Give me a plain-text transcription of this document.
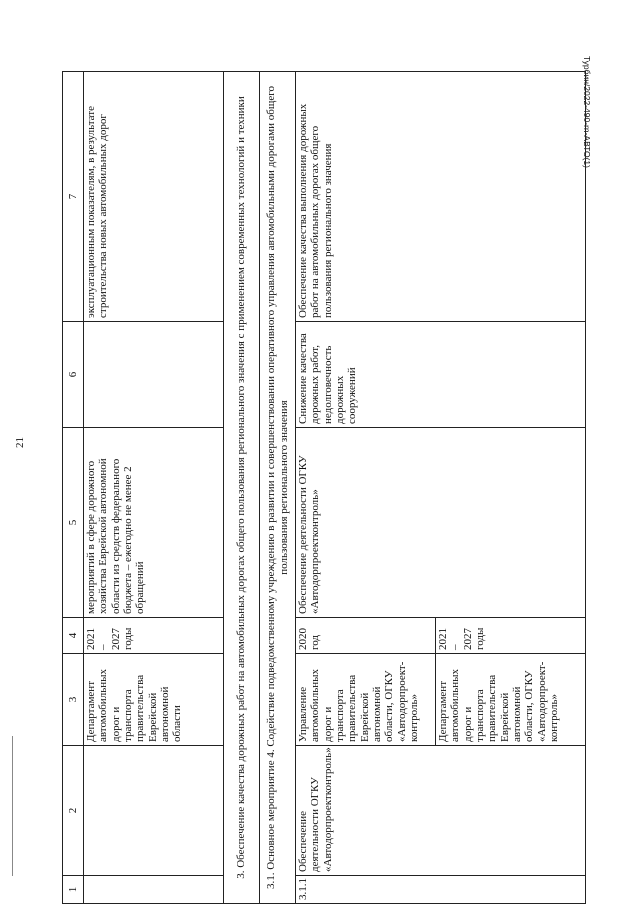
21
Турбин/2022-490-rn-АВТО(1)
1	2	3	4	5	6	7
		Департамент автомобильных дорог и транспорта правительства Еврейской автономной области	2021 – 2027 годы	мероприятий в сфере дорожного хозяйства Еврейской автономной области из средств федерального бюджета – ежегодно не менее 2 обращений		эксплуатационным показателям, в результате строительства новых автомобильных дорог
3. Обеспечение качества дорожных работ на автомобильных дорогах общего пользования регионального значения с применением современных технологий и техники						
3.1. Основное мероприятие 4. Содействие подведомственному учреждению в развитии и совершенствовании оперативного управления автомобильными дорогами общего пользования регионального значения						
3.1.1	Обеспечение деятельности ОГКУ «Автодорпроектконтроль»	Управление автомобильных дорог и транспорта правительства Еврейской автономной области, ОГКУ «Автодорпроект-контроль»	2020 год	Обеспечение деятельности ОГКУ «Автодорпроектконтроль»	Снижение качества дорожных работ, недолговечность дорожных сооружений	Обеспечение качества выполнения дорожных работ на автомобильных дорогах общего пользования регионального значения
		Департамент автомобильных дорог и транспорта правительства Еврейской автономной области, ОГКУ «Автодорпроект-контроль»	2021 – 2027 годы			
